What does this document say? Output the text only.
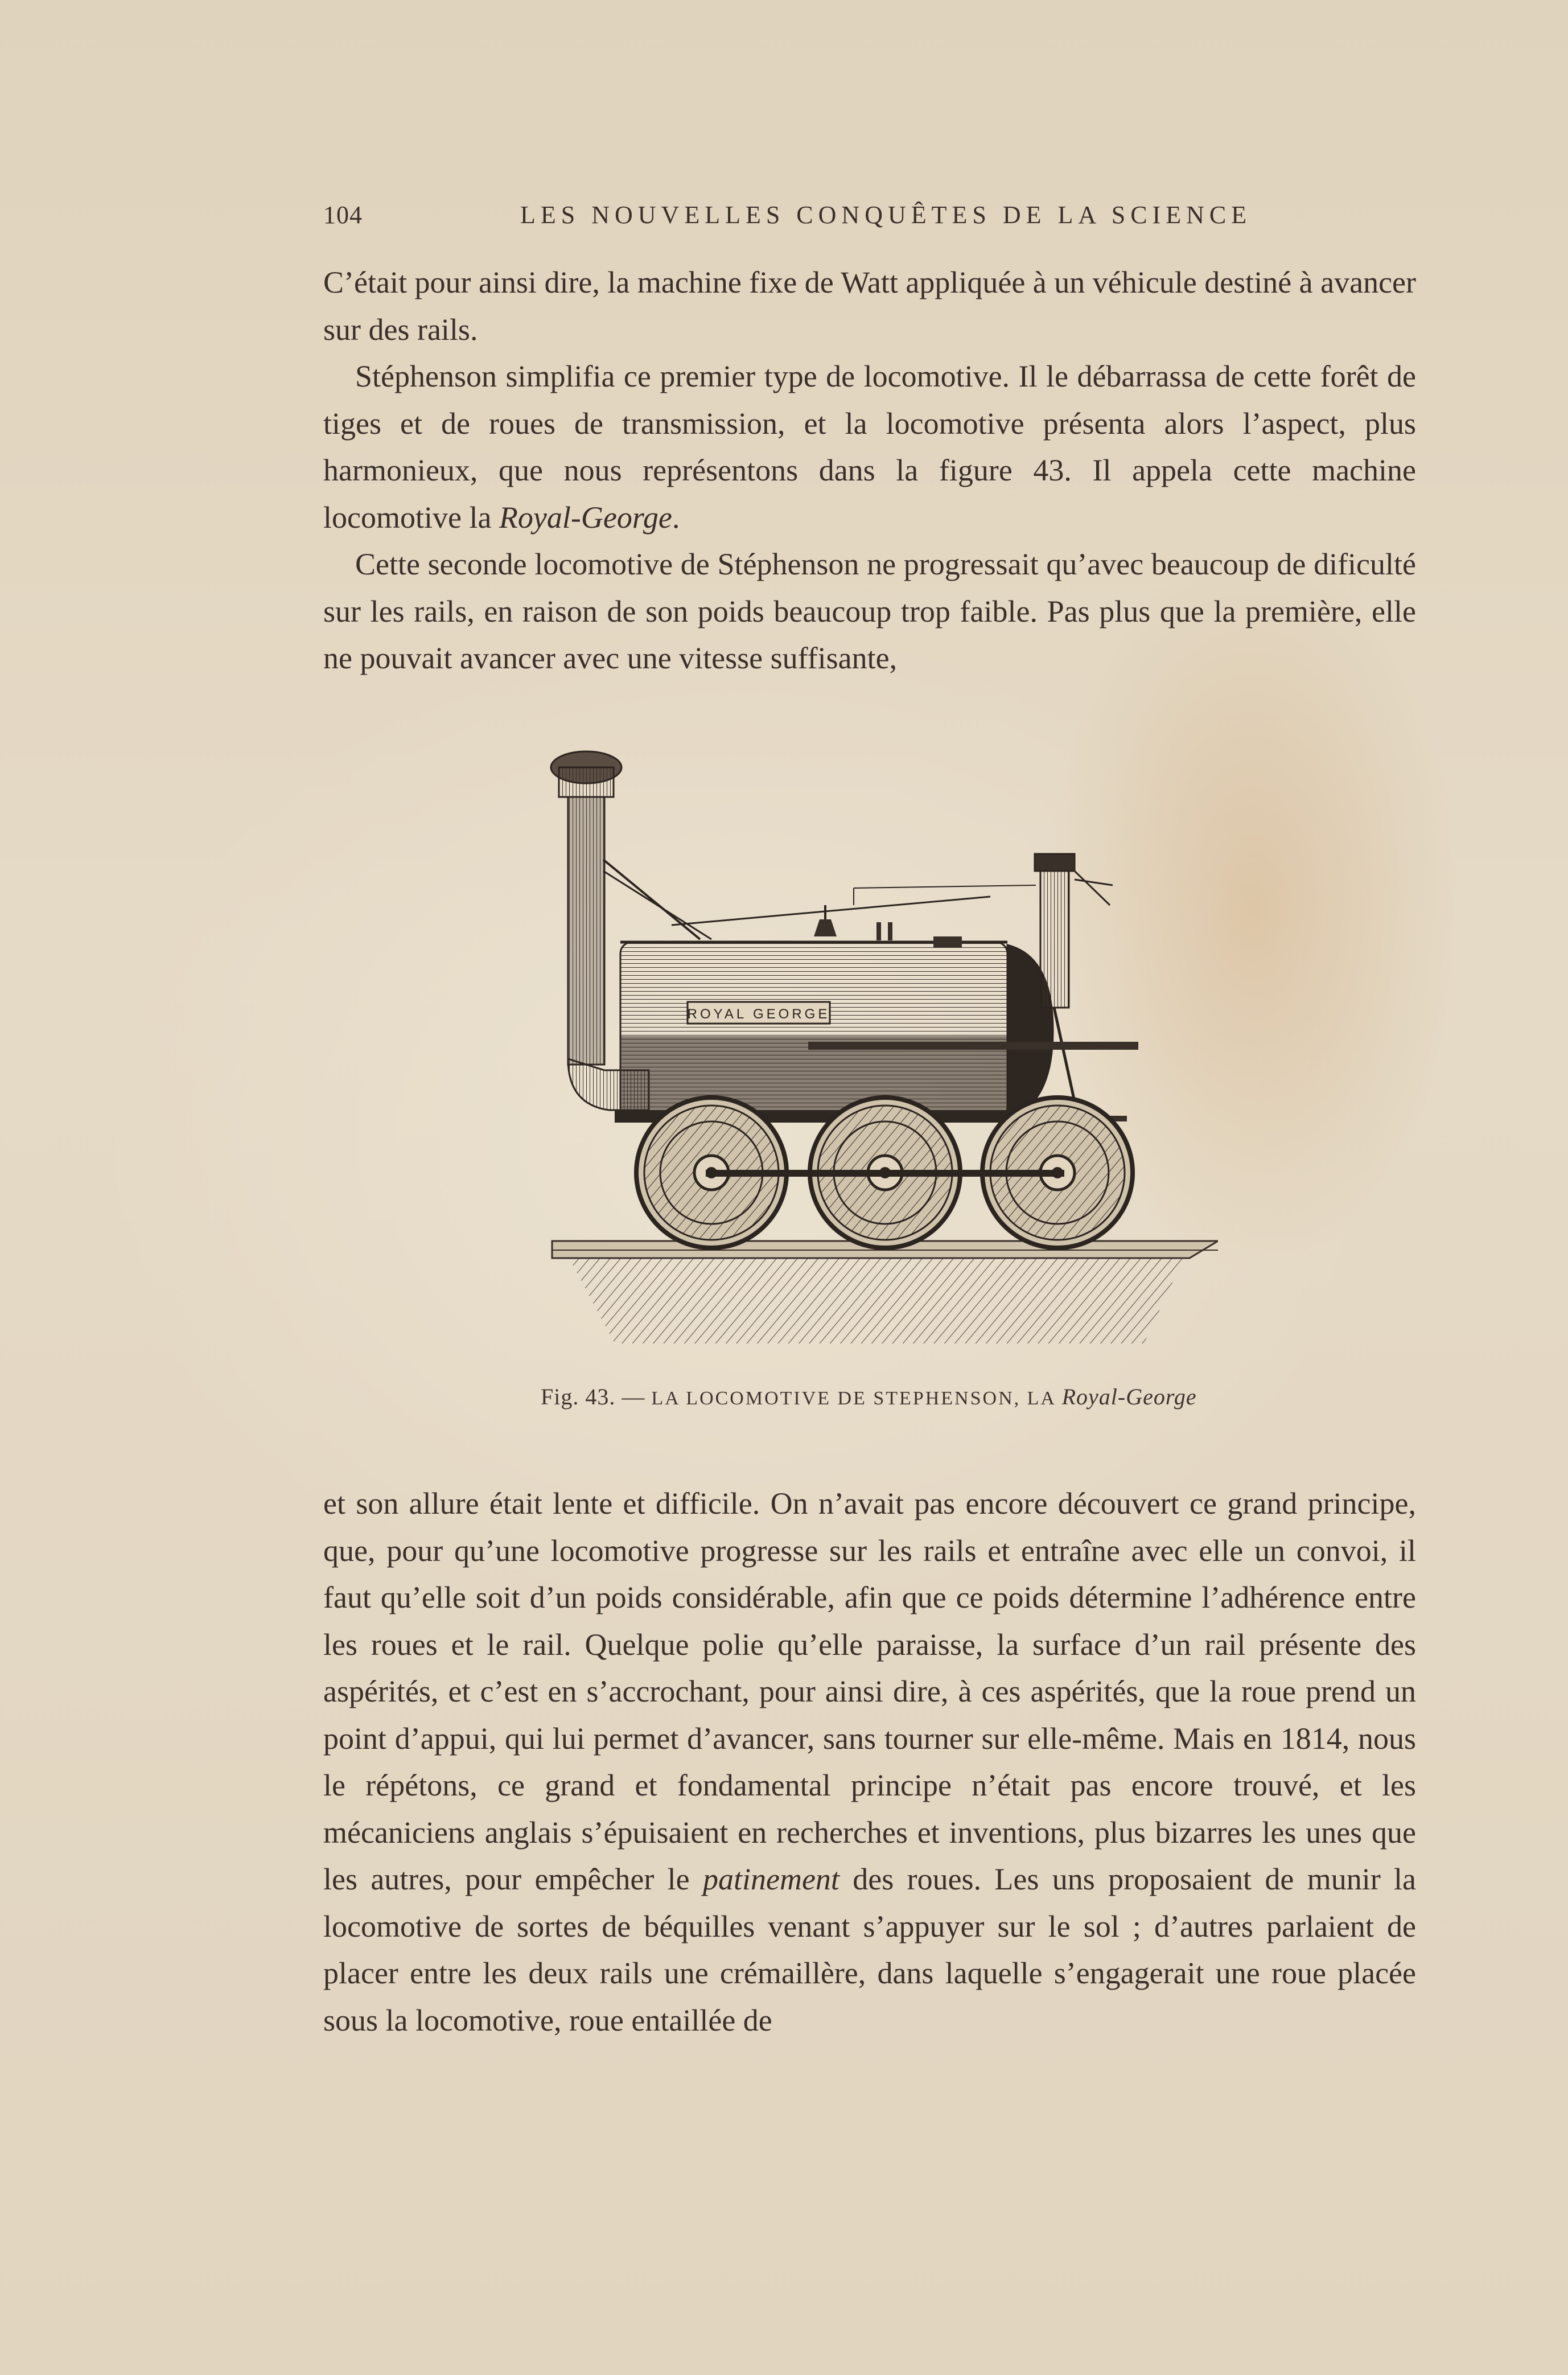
104	LES NOUVELLES CONQUÊTES DE LA SCIENCE

C’était pour ainsi dire, la machine fixe de Watt appliquée à un véhicule destiné à avancer sur des rails.

Stéphenson simplifia ce premier type de locomotive. Il le débarrassa de cette forêt de tiges et de roues de transmission, et la locomotive présenta alors l’aspect, plus harmonieux, que nous représentons dans la figure 43. Il appela cette machine locomotive la Royal-George.

Cette seconde locomotive de Stéphenson ne progressait qu’avec beaucoup de dificulté sur les rails, en raison de son poids beaucoup trop faible. Pas plus que la première, elle ne pouvait avancer avec une vitesse suffisante,

ROYAL GEORGE
Fig. 43. — LA LOCOMOTIVE DE STEPHENSON, LA Royal-George

et son allure était lente et difficile. On n’avait pas encore découvert ce grand principe, que, pour qu’une locomotive progresse sur les rails et entraîne avec elle un convoi, il faut qu’elle soit d’un poids considérable, afin que ce poids détermine l’adhérence entre les roues et le rail. Quelque polie qu’elle paraisse, la surface d’un rail présente des aspérités, et c’est en s’accrochant, pour ainsi dire, à ces aspérités, que la roue prend un point d’appui, qui lui permet d’avancer, sans tourner sur elle-même. Mais en 1814, nous le répétons, ce grand et fondamental principe n’était pas encore trouvé, et les mécaniciens anglais s’épuisaient en recherches et inventions, plus bizarres les unes que les autres, pour empêcher le patinement des roues. Les uns proposaient de munir la locomotive de sortes de béquilles venant s’appuyer sur le sol ; d’autres parlaient de placer entre les deux rails une crémaillère, dans laquelle s’engagerait une roue placée sous la locomotive, roue entaillée de
